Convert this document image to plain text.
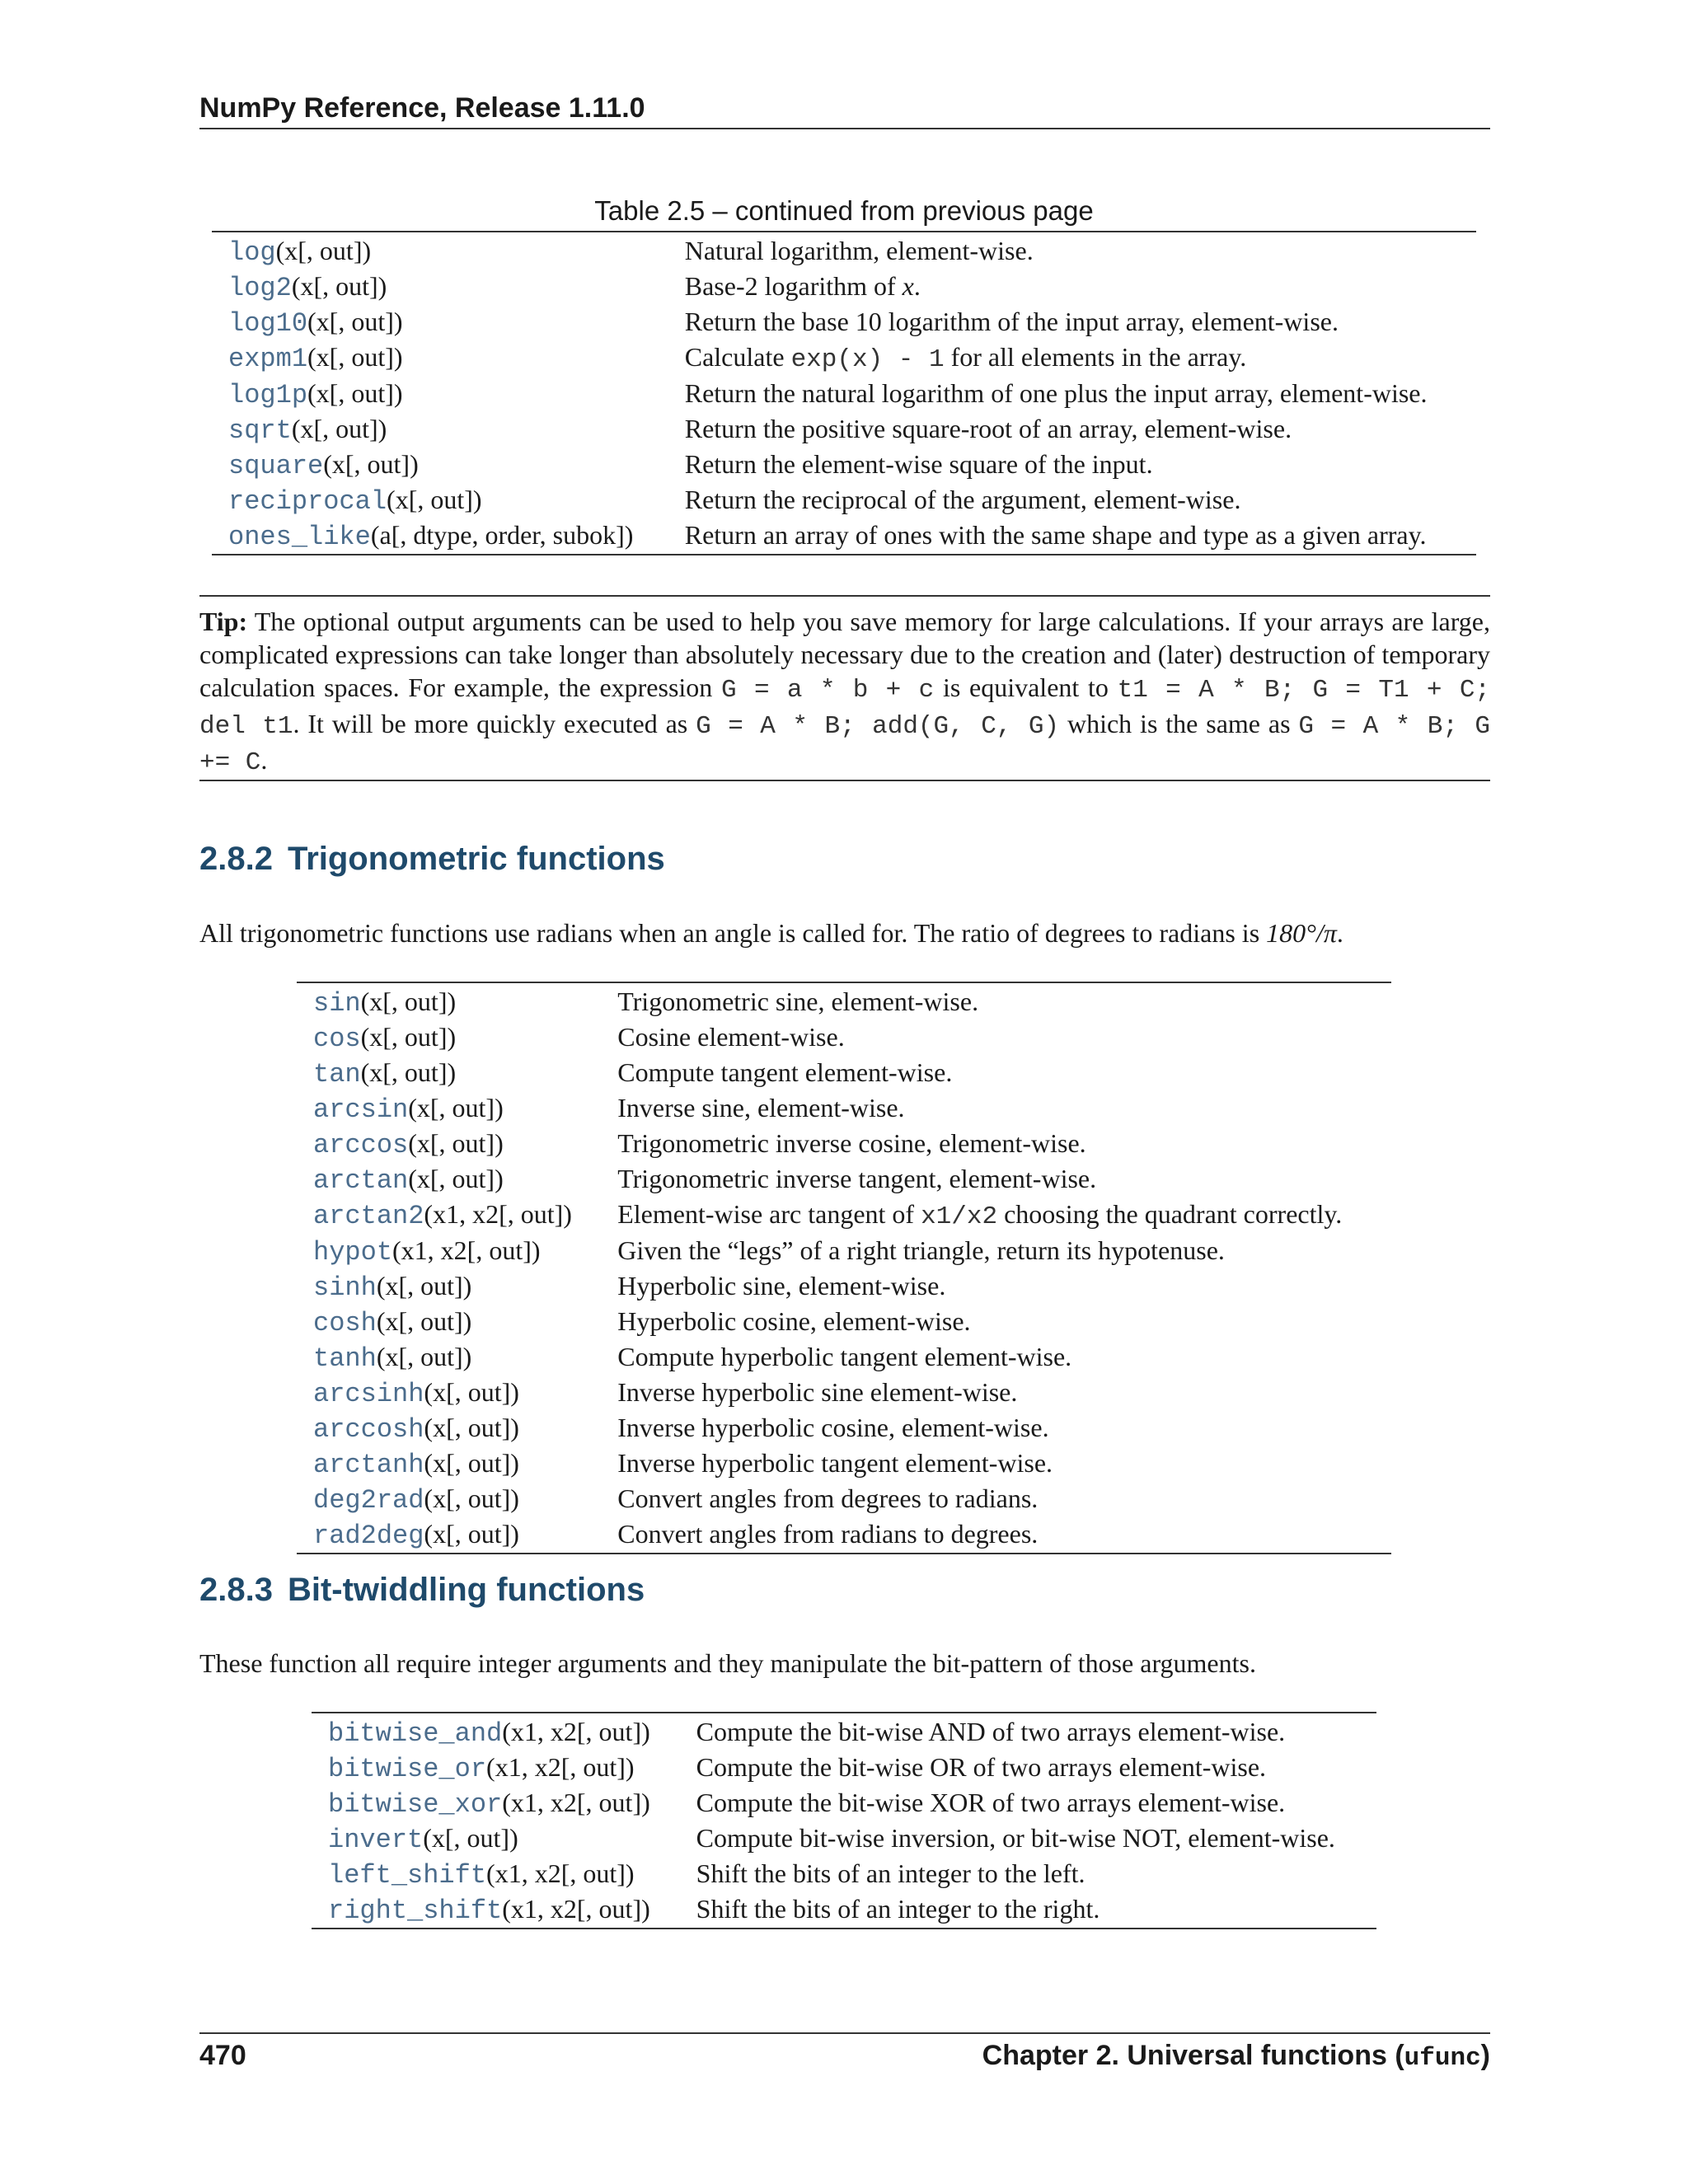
NumPy Reference, Release 1.11.0
Table 2.5 – continued from previous page
log(x[, out])	Natural logarithm, element-wise.
log2(x[, out])	Base-2 logarithm of x.
log10(x[, out])	Return the base 10 logarithm of the input array, element-wise.
expm1(x[, out])	Calculate exp(x) - 1 for all elements in the array.
log1p(x[, out])	Return the natural logarithm of one plus the input array, element-wise.
sqrt(x[, out])	Return the positive square-root of an array, element-wise.
square(x[, out])	Return the element-wise square of the input.
reciprocal(x[, out])	Return the reciprocal of the argument, element-wise.
ones_like(a[, dtype, order, subok])	Return an array of ones with the same shape and type as a given array.
Tip: The optional output arguments can be used to help you save memory for large calculations. If your arrays are large, complicated expressions can take longer than absolutely necessary due to the creation and (later) destruction of temporary calculation spaces. For example, the expression G = a * b + c is equivalent to t1 = A * B; G = T1 + C; del t1. It will be more quickly executed as G = A * B; add(G, C, G) which is the same as G = A * B; G += C.
2.8.2 Trigonometric functions

All trigonometric functions use radians when an angle is called for. The ratio of degrees to radians is 180°/π.

sin(x[, out])	Trigonometric sine, element-wise.
cos(x[, out])	Cosine element-wise.
tan(x[, out])	Compute tangent element-wise.
arcsin(x[, out])	Inverse sine, element-wise.
arccos(x[, out])	Trigonometric inverse cosine, element-wise.
arctan(x[, out])	Trigonometric inverse tangent, element-wise.
arctan2(x1, x2[, out])	Element-wise arc tangent of x1/x2 choosing the quadrant correctly.
hypot(x1, x2[, out])	Given the “legs” of a right triangle, return its hypotenuse.
sinh(x[, out])	Hyperbolic sine, element-wise.
cosh(x[, out])	Hyperbolic cosine, element-wise.
tanh(x[, out])	Compute hyperbolic tangent element-wise.
arcsinh(x[, out])	Inverse hyperbolic sine element-wise.
arccosh(x[, out])	Inverse hyperbolic cosine, element-wise.
arctanh(x[, out])	Inverse hyperbolic tangent element-wise.
deg2rad(x[, out])	Convert angles from degrees to radians.
rad2deg(x[, out])	Convert angles from radians to degrees.
2.8.3 Bit-twiddling functions

These function all require integer arguments and they manipulate the bit-pattern of those arguments.

bitwise_and(x1, x2[, out])	Compute the bit-wise AND of two arrays element-wise.
bitwise_or(x1, x2[, out])	Compute the bit-wise OR of two arrays element-wise.
bitwise_xor(x1, x2[, out])	Compute the bit-wise XOR of two arrays element-wise.
invert(x[, out])	Compute bit-wise inversion, or bit-wise NOT, element-wise.
left_shift(x1, x2[, out])	Shift the bits of an integer to the left.
right_shift(x1, x2[, out])	Shift the bits of an integer to the right.
470	Chapter 2. Universal functions (ufunc)
